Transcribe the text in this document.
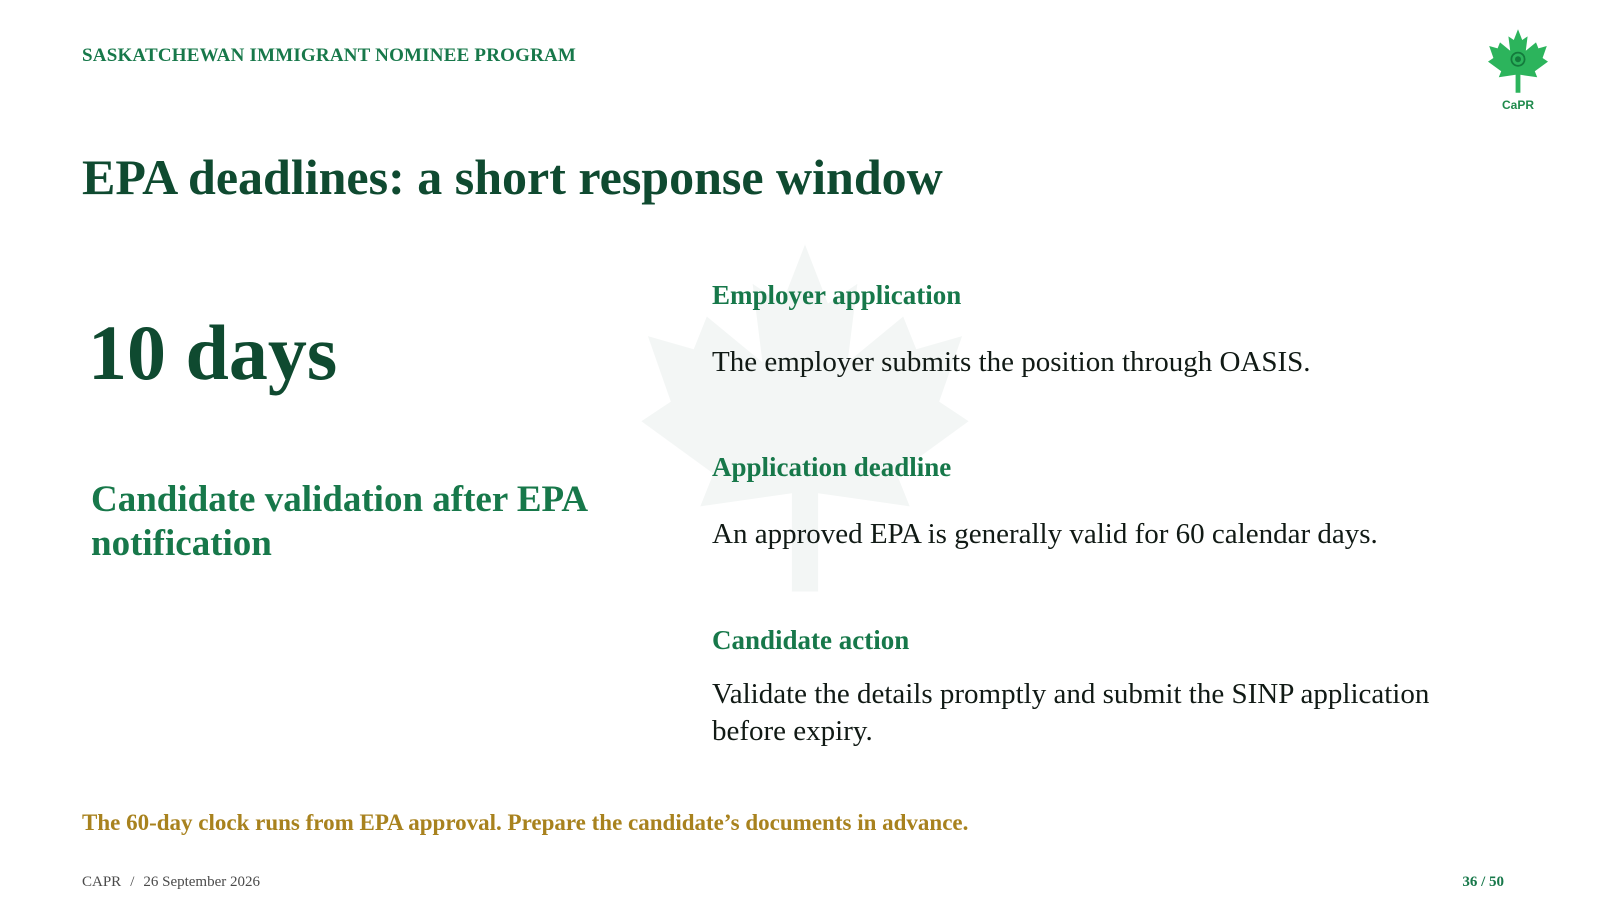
SASKATCHEWAN IMMIGRANT NOMINEE PROGRAM
CaPR
EPA deadlines: a short response window
10 days
Candidate validation after EPA notification
Employer application
The employer submits the position through OASIS.
Application deadline
An approved EPA is generally valid for 60 calendar days.
Candidate action
Validate the details promptly and submit the SINP application before expiry.
The 60-day clock runs from EPA approval. Prepare the candidate’s documents in advance.
CAPR / 26 September 2026	36 / 50
